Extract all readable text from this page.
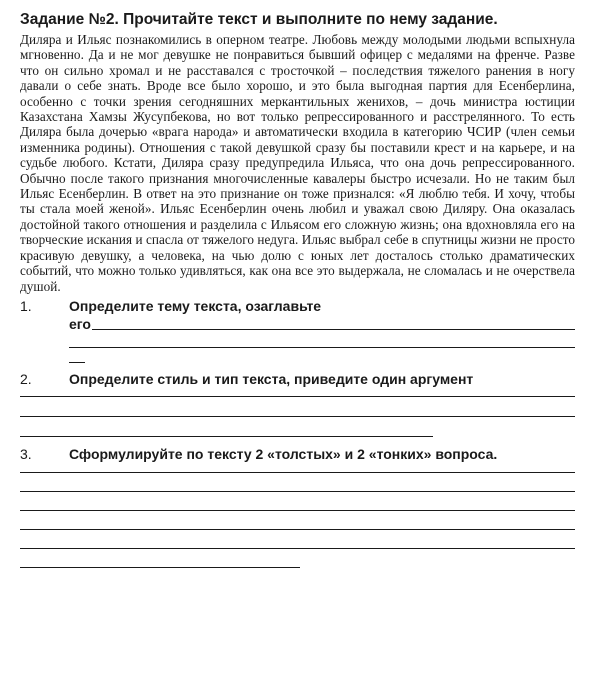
Задание №2. Прочитайте текст и выполните по нему задание.

Диляра и Ильяс познакомились в оперном театре. Любовь между молодыми людьми вспыхнула мгновенно. Да и не мог девушке не понравиться бывший офицер с медалями на френче. Разве что он сильно хромал и не расставался с тросточкой – последствия тяжелого ранения в ногу давали о себе знать. Вроде все было хорошо, и это была выгодная партия для Есенберлина, особенно с точки зрения сегодняшних меркантильных женихов, – дочь министра юстиции Казахстана Хамзы Жусупбекова, но вот только репрессированного и расстрелянного. То есть Диляра была дочерью «врага народа» и автоматически входила в категорию ЧСИР (член семьи изменника родины). Отношения с такой девушкой сразу бы поставили крест и на карьере, и на судьбе любого. Кстати, Диляра сразу предупредила Ильяса, что она дочь репрессированного. Обычно после такого признания многочисленные кавалеры быстро исчезали. Но не таким был Ильяс Есенберлин. В ответ на это признание он тоже признался: «Я люблю тебя. И хочу, чтобы ты стала моей женой». Ильяс Есенберлин очень любил и уважал свою Диляру. Она оказалась достойной такого отношения и разделила с Ильясом его сложную жизнь; она вдохновляла его на творческие искания и спасла от тяжелого недуга. Ильяс выбрал себе в спутницы жизни не просто красивую девушку, а человека, на чью долю с юных лет досталось столько драматических событий, что можно только удивляться, как она все это выдержала, не сломалась и не очерствела душой.

1.	Определите тему текста, озаглавьте
его
2.	Определите стиль и тип текста, приведите один аргумент
3.	Сформулируйте по тексту 2 «толстых» и 2 «тонких» вопроса.
